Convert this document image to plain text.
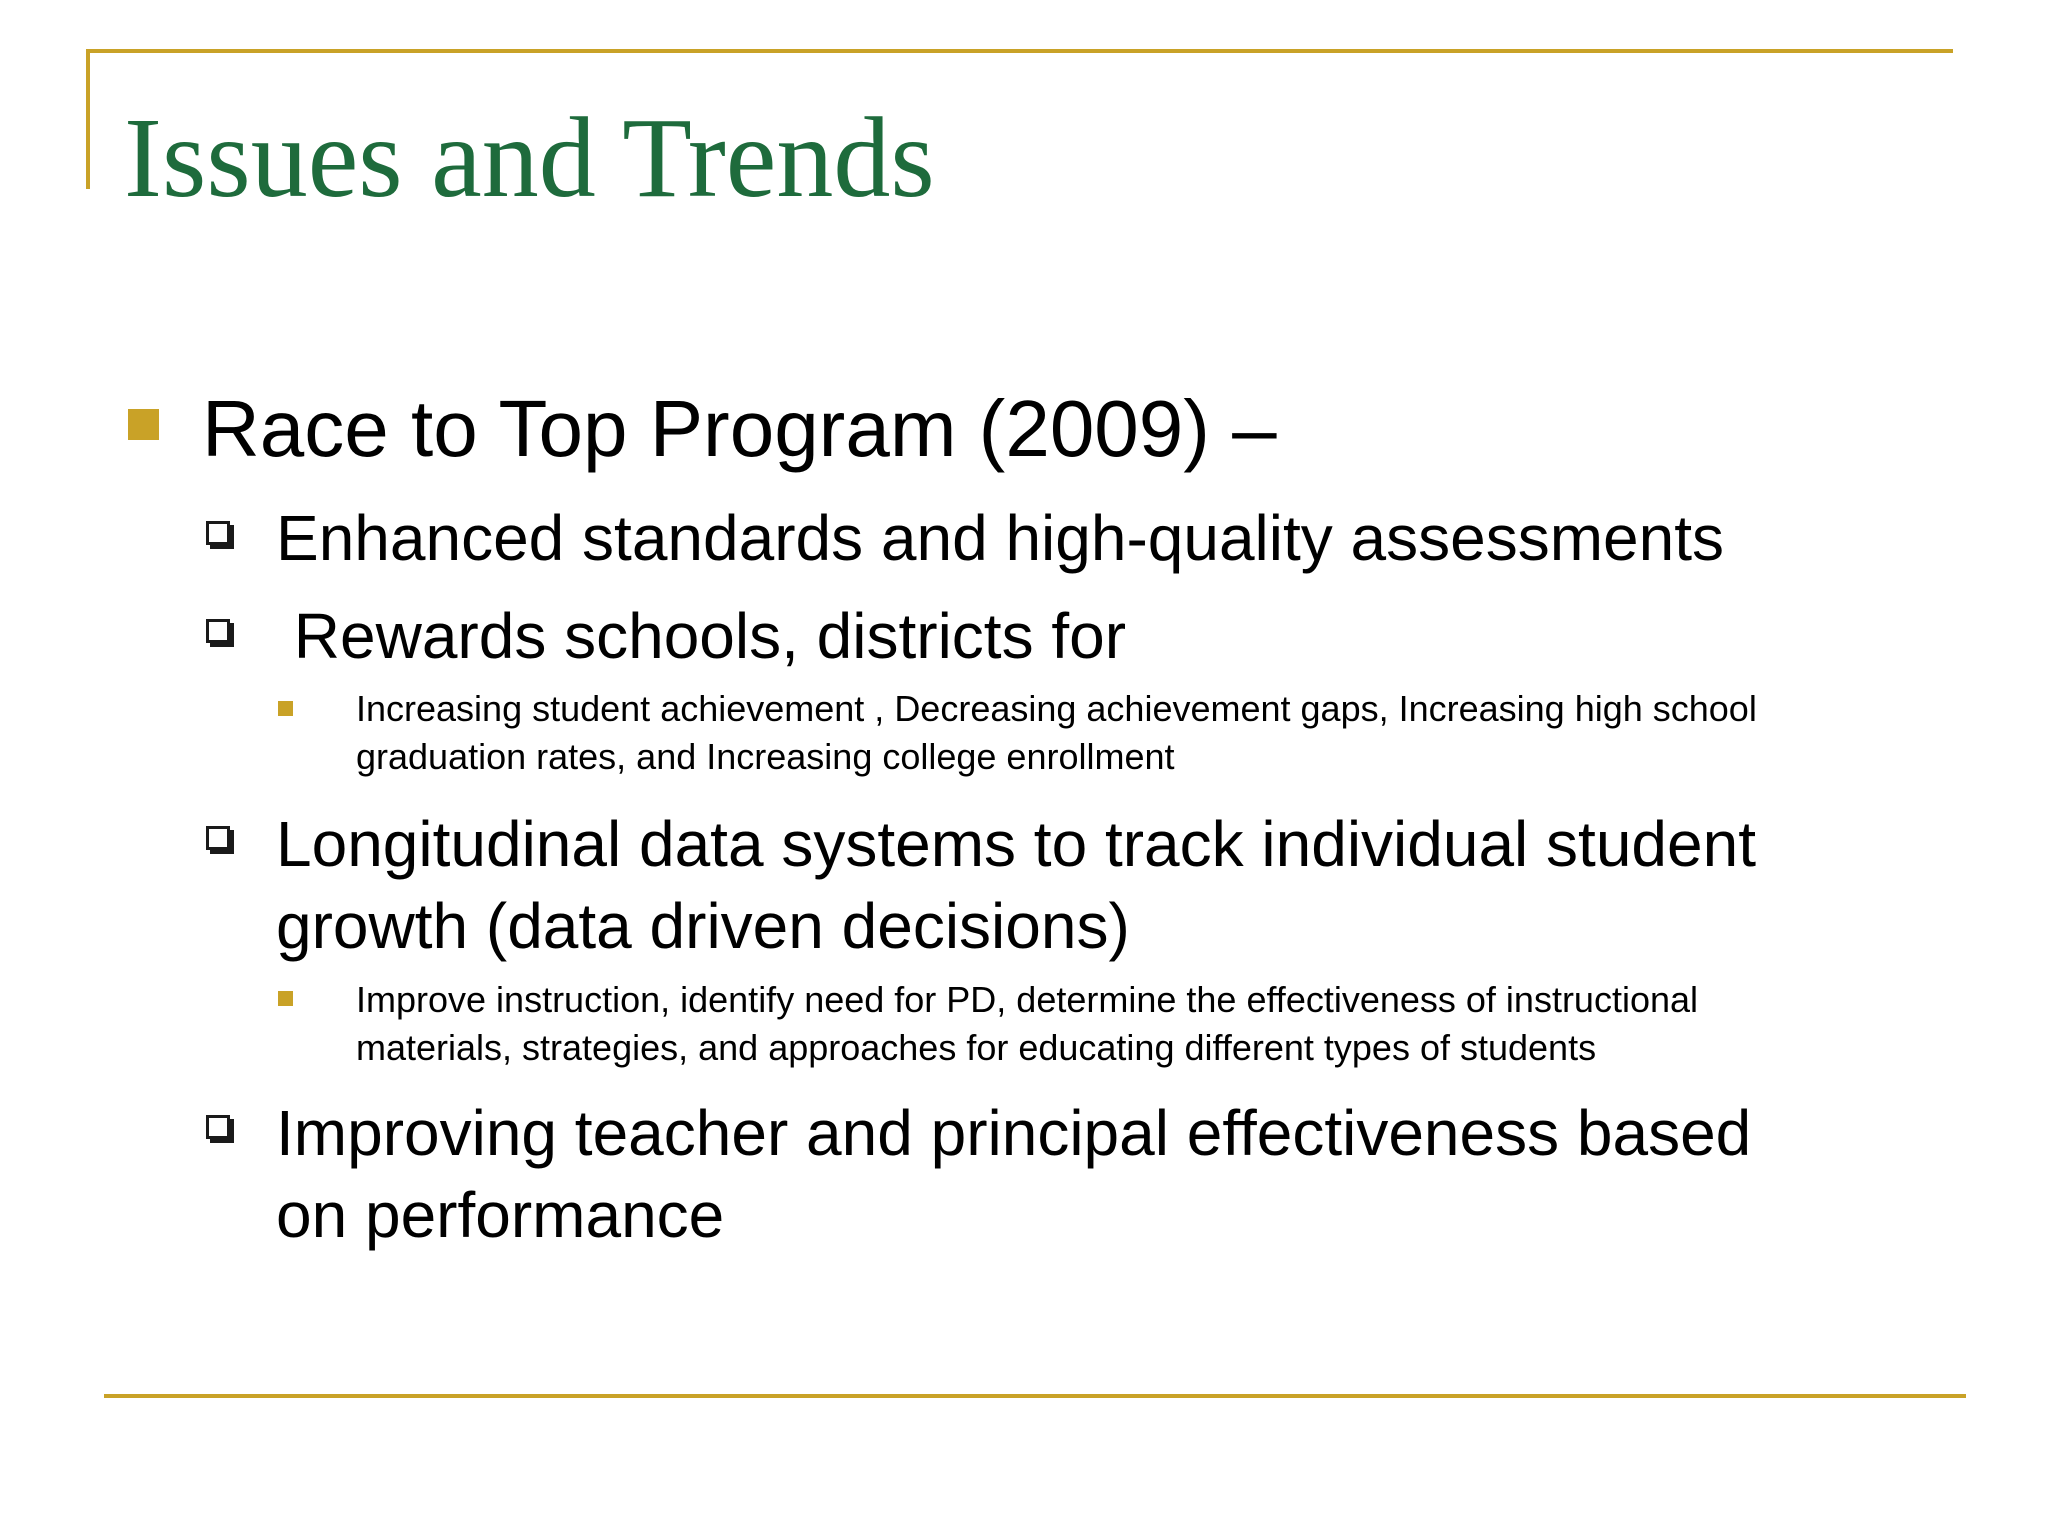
Issues and Trends
Race to Top Program (2009) –
Enhanced standards and high-quality assessments
Rewards schools, districts for
Increasing student achievement , Decreasing achievement gaps, Increasing high school
graduation rates, and Increasing college enrollment
Longitudinal data systems to track individual student
growth (data driven decisions)
Improve instruction, identify need for PD, determine the effectiveness of instructional
materials, strategies, and approaches for educating different types of students
Improving teacher and principal effectiveness based
on performance
